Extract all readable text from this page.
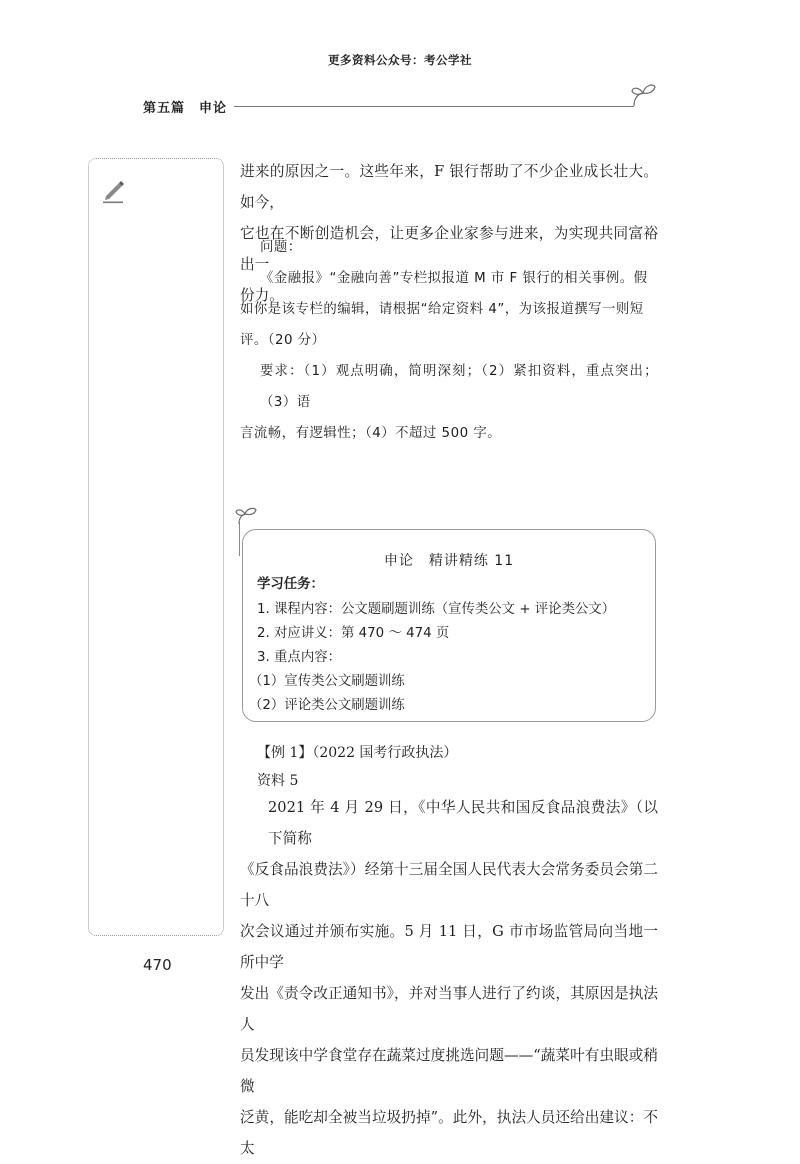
更多资料公众号：考公学社
第五篇　申论
进来的原因之一。这些年来，F 银行帮助了不少企业成长壮大。如今，
它也在不断创造机会，让更多企业家参与进来，为实现共同富裕出一
份力。
问题：
《金融报》“金融向善”专栏拟报道 M 市 F 银行的相关事例。假
如你是该专栏的编辑，请根据“给定资料 4”，为该报道撰写一则短
评。（20 分）
要求：（1）观点明确，简明深刻；（2）紧扣资料，重点突出；（3）语
言流畅，有逻辑性；（4）不超过 500 字。
申论　精讲精练 11
学习任务：
1. 课程内容：公文题刷题训练（宣传类公文 + 评论类公文）
2. 对应讲义：第 470 ～ 474 页
3. 重点内容：
（1）宣传类公文刷题训练
（2）评论类公文刷题训练
【例 1】（2022 国考行政执法）
资料 5
2021 年 4 月 29 日，《中华人民共和国反食品浪费法》（以下简称
《反食品浪费法》）经第十三届全国人民代表大会常务委员会第二十八
次会议通过并颁布实施。5 月 11 日，G 市市场监管局向当地一所中学
发出《责令改正通知书》，并对当事人进行了约谈，其原因是执法人
员发现该中学食堂存在蔬菜过度挑选问题——“蔬菜叶有虫眼或稍微
泛黄，能吃却全被当垃圾扔掉”。此外，执法人员还给出建议：不太
470
